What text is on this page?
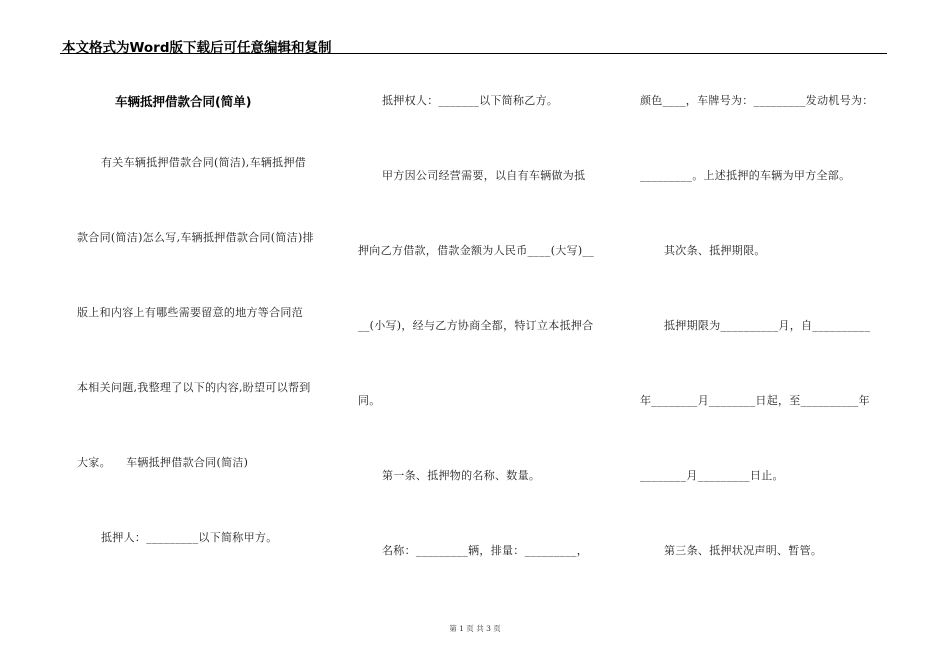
本文格式为Word版下载后可任意编辑和复制
车辆抵押借款合同(简单)
有关车辆抵押借款合同(简洁),车辆抵押借
款合同(简洁)怎么写,车辆抵押借款合同(简洁)排
版上和内容上有哪些需要留意的地方等合同范
本相关问题,我整理了以下的内容,盼望可以帮到
大家。    车辆抵押借款合同(简洁)
抵押人：_________以下简称甲方。
抵押权人：_______以下简称乙方。
甲方因公司经营需要，以自有车辆做为抵
押向乙方借款，借款金额为人民币____(大写)__
__(小写)，经与乙方协商全都，特订立本抵押合
同。
第一条、抵押物的名称、数量。
名称：_________辆，排量：_________，
颜色____，车牌号为：_________发动机号为：
_________。上述抵押的车辆为甲方全部。
其次条、抵押期限。
抵押期限为__________月，自__________
年________月________日起，至__________年
________月_________日止。
第三条、抵押状况声明、暂管。
第 1 页 共 3 页
